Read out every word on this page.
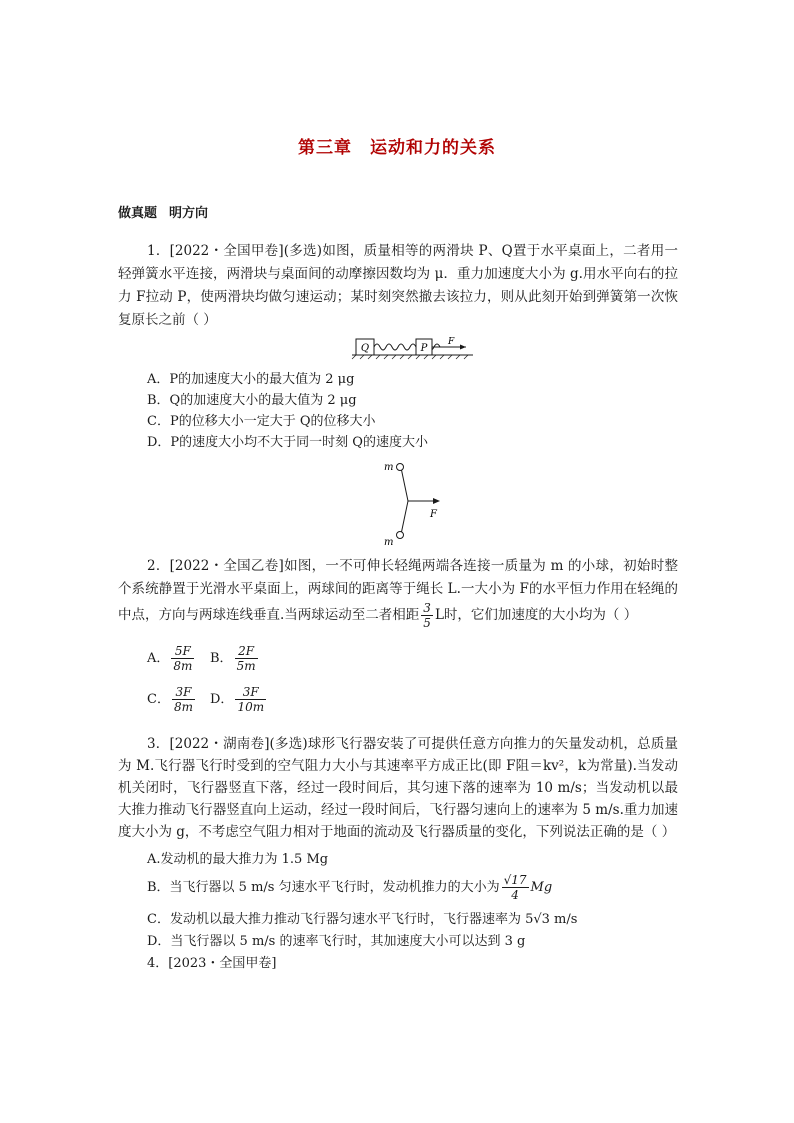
第三章 运动和力的关系
做真题 明方向
1．[2022・全国甲卷](多选)如图，质量相等的两滑块 P、Q置于水平桌面上，二者用一轻弹簧水平连接，两滑块与桌面间的动摩擦因数均为 μ．重力加速度大小为 g.用水平向右的拉力 F拉动 P，使两滑块均做匀速运动；某时刻突然撤去该拉力，则从此刻开始到弹簧第一次恢复原长之前（ ）
Q	P
F
A．P的加速度大小的最大值为 2 μg
B．Q的加速度大小的最大值为 2 μg
C．P的位移大小一定大于 Q的位移大小
D．P的速度大小均不大于同一时刻 Q的速度大小
m
m
F
2．[2022・全国乙卷]如图，一不可伸长轻绳两端各连接一质量为 m 的小球，初始时整个系统静置于光滑水平桌面上，两球间的距离等于绳长 L.一大小为 F的水平恒力作用在轻绳的中点，方向与两球连线垂直.当两球运动至二者相距 $\frac{3}{5}$ L时，它们加速度的大小均为（ ）
A． $\frac{5F}{8m}$ B． $\frac{2F}{5m}$
C． $\frac{3F}{8m}$ D． $\frac{3F}{10m}$
3．[2022・湖南卷](多选)球形飞行器安装了可提供任意方向推力的矢量发动机，总质量为 M.飞行器飞行时受到的空气阻力大小与其速率平方成正比(即 F阻＝kv²，k为常量).当发动机关闭时，飞行器竖直下落，经过一段时间后，其匀速下落的速率为 10 m/s；当发动机以最大推力推动飞行器竖直向上运动，经过一段时间后，飞行器匀速向上的速率为 5 m/s.重力加速度大小为 g，不考虑空气阻力相对于地面的流动及飞行器质量的变化，下列说法正确的是（ ）
A.发动机的最大推力为 1.5 Mg
B．当飞行器以 5 m/s 匀速水平飞行时，发动机推力的大小为 $\frac{√17}{4}$ Mg
C．发动机以最大推力推动飞行器匀速水平飞行时，飞行器速率为 5√3 m/s
D．当飞行器以 5 m/s 的速率飞行时，其加速度大小可以达到 3 g
4．[2023・全国甲卷]
